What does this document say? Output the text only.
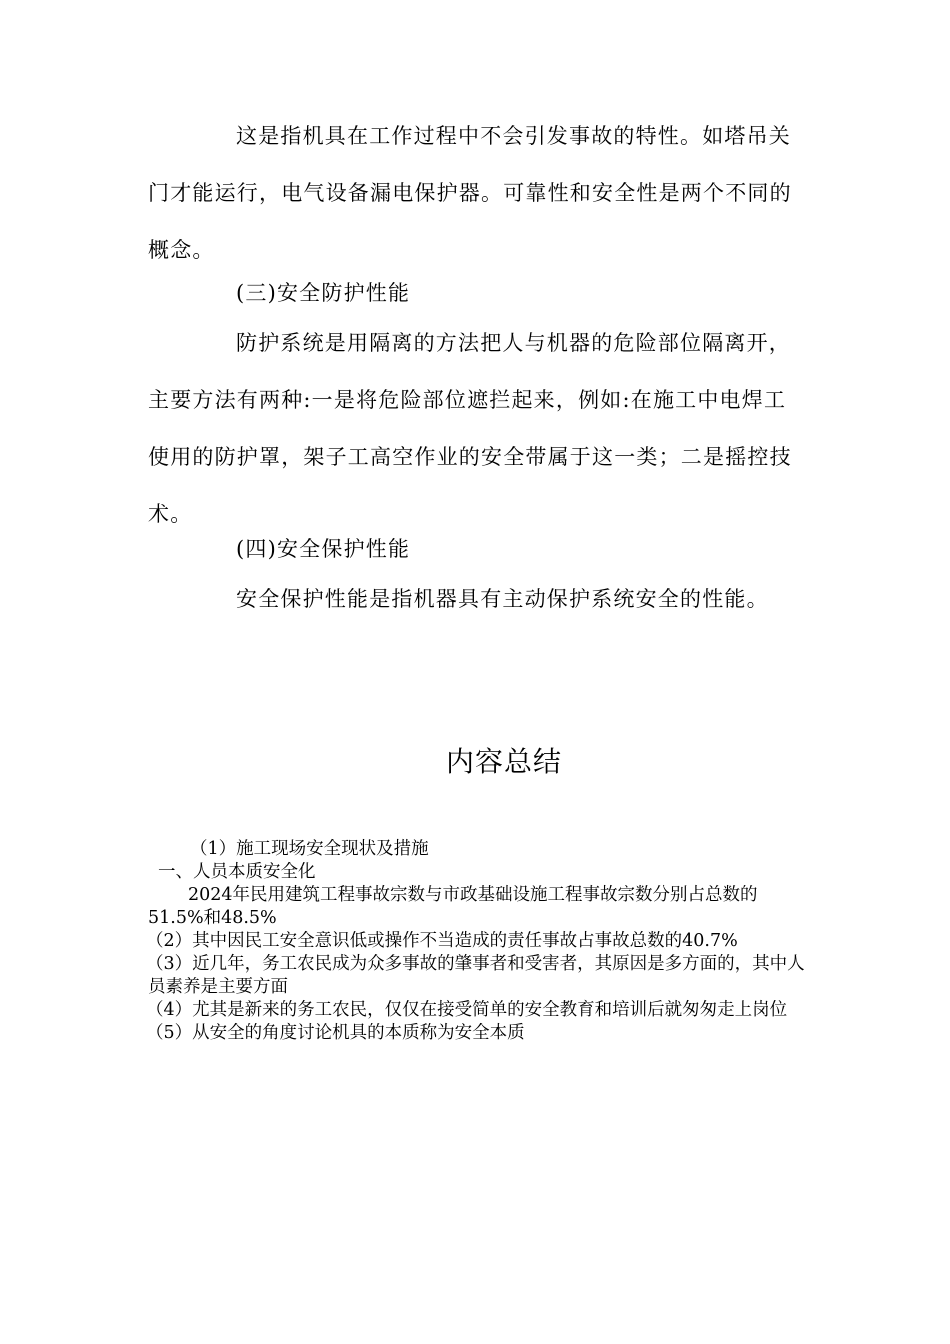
这是指机具在工作过程中不会引发事故的特性。如塔吊关门才能运行，电气设备漏电保护器。可靠性和安全性是两个不同的概念。

(三)安全防护性能

防护系统是用隔离的方法把人与机器的危险部位隔离开，主要方法有两种:一是将危险部位遮拦起来，例如:在施工中电焊工使用的防护罩，架子工高空作业的安全带属于这一类；二是摇控技术。

(四)安全保护性能

安全保护性能是指机器具有主动保护系统安全的性能。

内容总结
（1）施工现场安全现状及措施
一、人员本质安全化
2024年民用建筑工程事故宗数与市政基础设施工程事故宗数分别占总数的51.5%和48.5%
（2）其中因民工安全意识低或操作不当造成的责任事故占事故总数的40.7%
（3）近几年，务工农民成为众多事故的肇事者和受害者，其原因是多方面的，其中人员素养是主要方面
（4）尤其是新来的务工农民，仅仅在接受简单的安全教育和培训后就匆匆走上岗位
（5）从安全的角度讨论机具的本质称为安全本质
